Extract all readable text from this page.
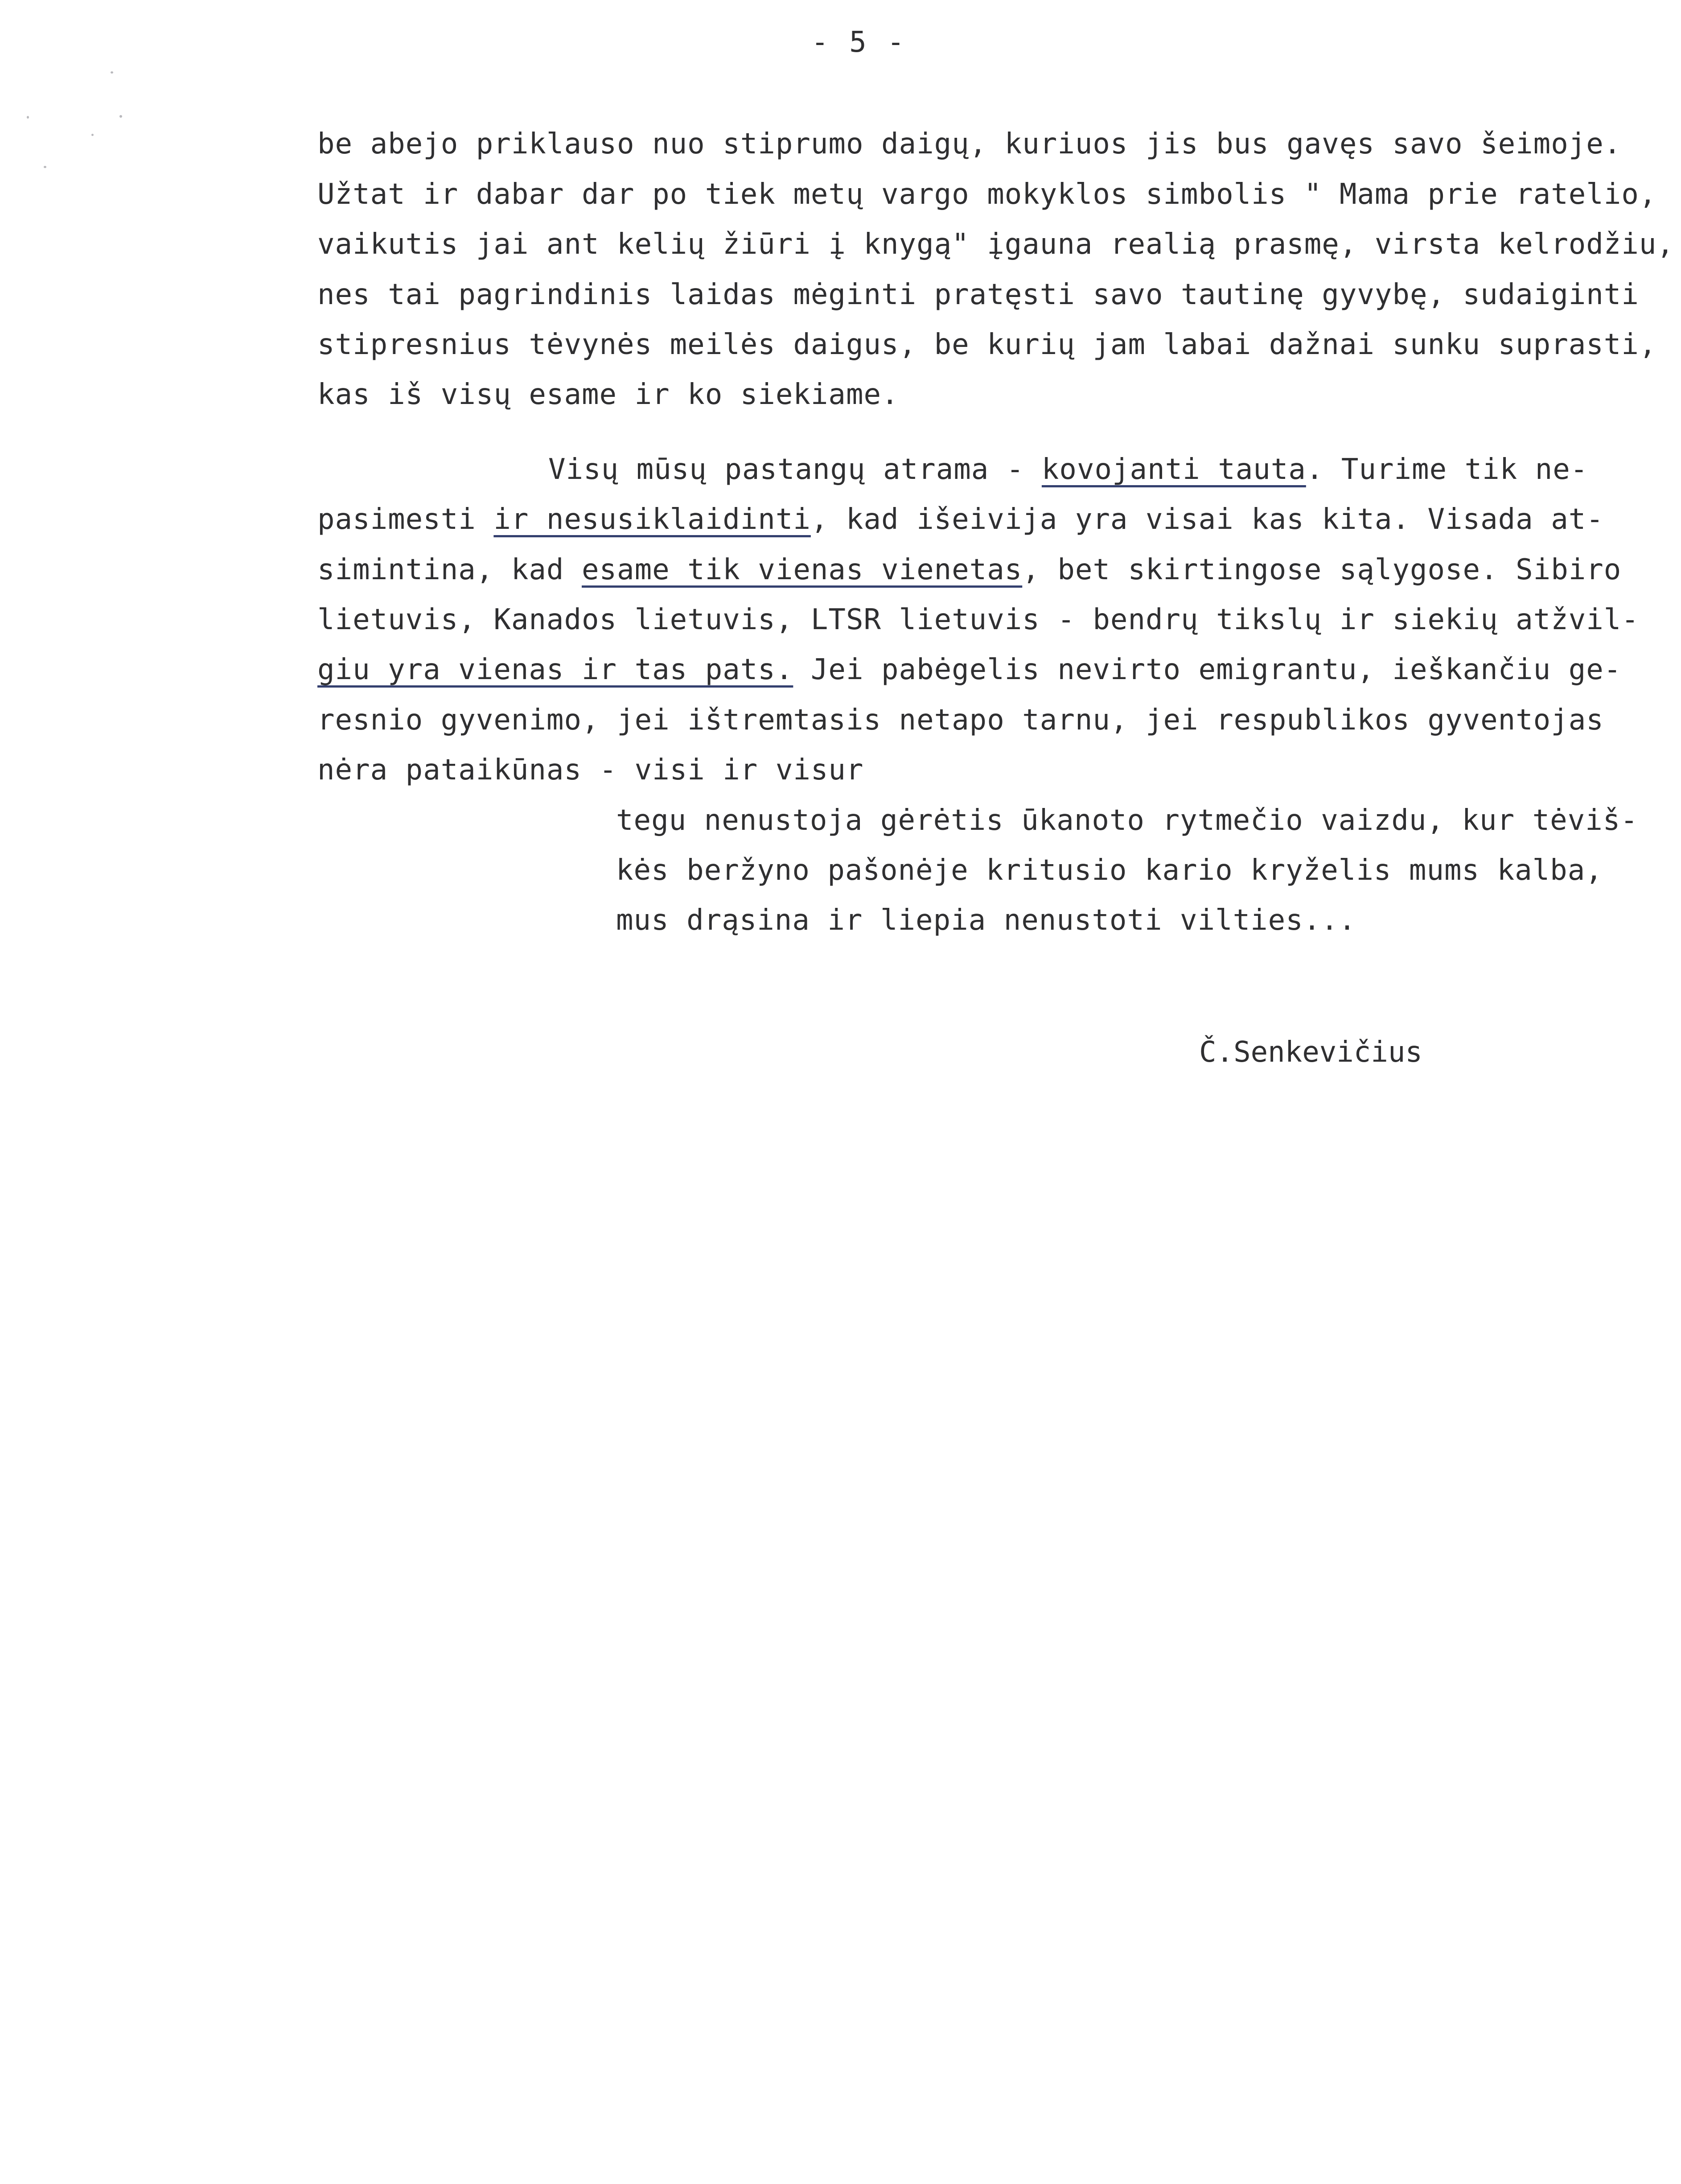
- 5 -
be abejo priklauso nuo stiprumo daigų, kuriuos jis bus gavęs savo šeimoje.
Užtat ir dabar dar po tiek metų vargo mokyklos simbolis " Mama prie ratelio,
vaikutis jai ant kelių žiūri į knygą" įgauna realią prasmę, virsta kelrodžiu,
nes tai pagrindinis laidas mėginti pratęsti savo tautinę gyvybę, sudaiginti
stipresnius tėvynės meilės daigus, be kurių jam labai dažnai sunku suprasti,
kas iš visų esame ir ko siekiame.
Visų mūsų pastangų atrama - kovojanti tauta. Turime tik ne-
pasimesti ir nesusiklaidinti, kad išeivija yra visai kas kita. Visada at-
simintina, kad esame tik vienas vienetas, bet skirtingose sąlygose. Sibiro
lietuvis, Kanados lietuvis, LTSR lietuvis - bendrų tikslų ir siekių atžvil-
giu yra vienas ir tas pats. Jei pabėgelis nevirto emigrantu, ieškančiu ge-
resnio gyvenimo, jei ištremtasis netapo tarnu, jei respublikos gyventojas
nėra pataikūnas - visi ir visur
tegu nenustoja gėrėtis ūkanoto rytmečio vaizdu, kur tėviš-
kės beržyno pašonėje kritusio kario kryželis mums kalba,
mus drąsina ir liepia nenustoti vilties...
Č.Senkevičius
